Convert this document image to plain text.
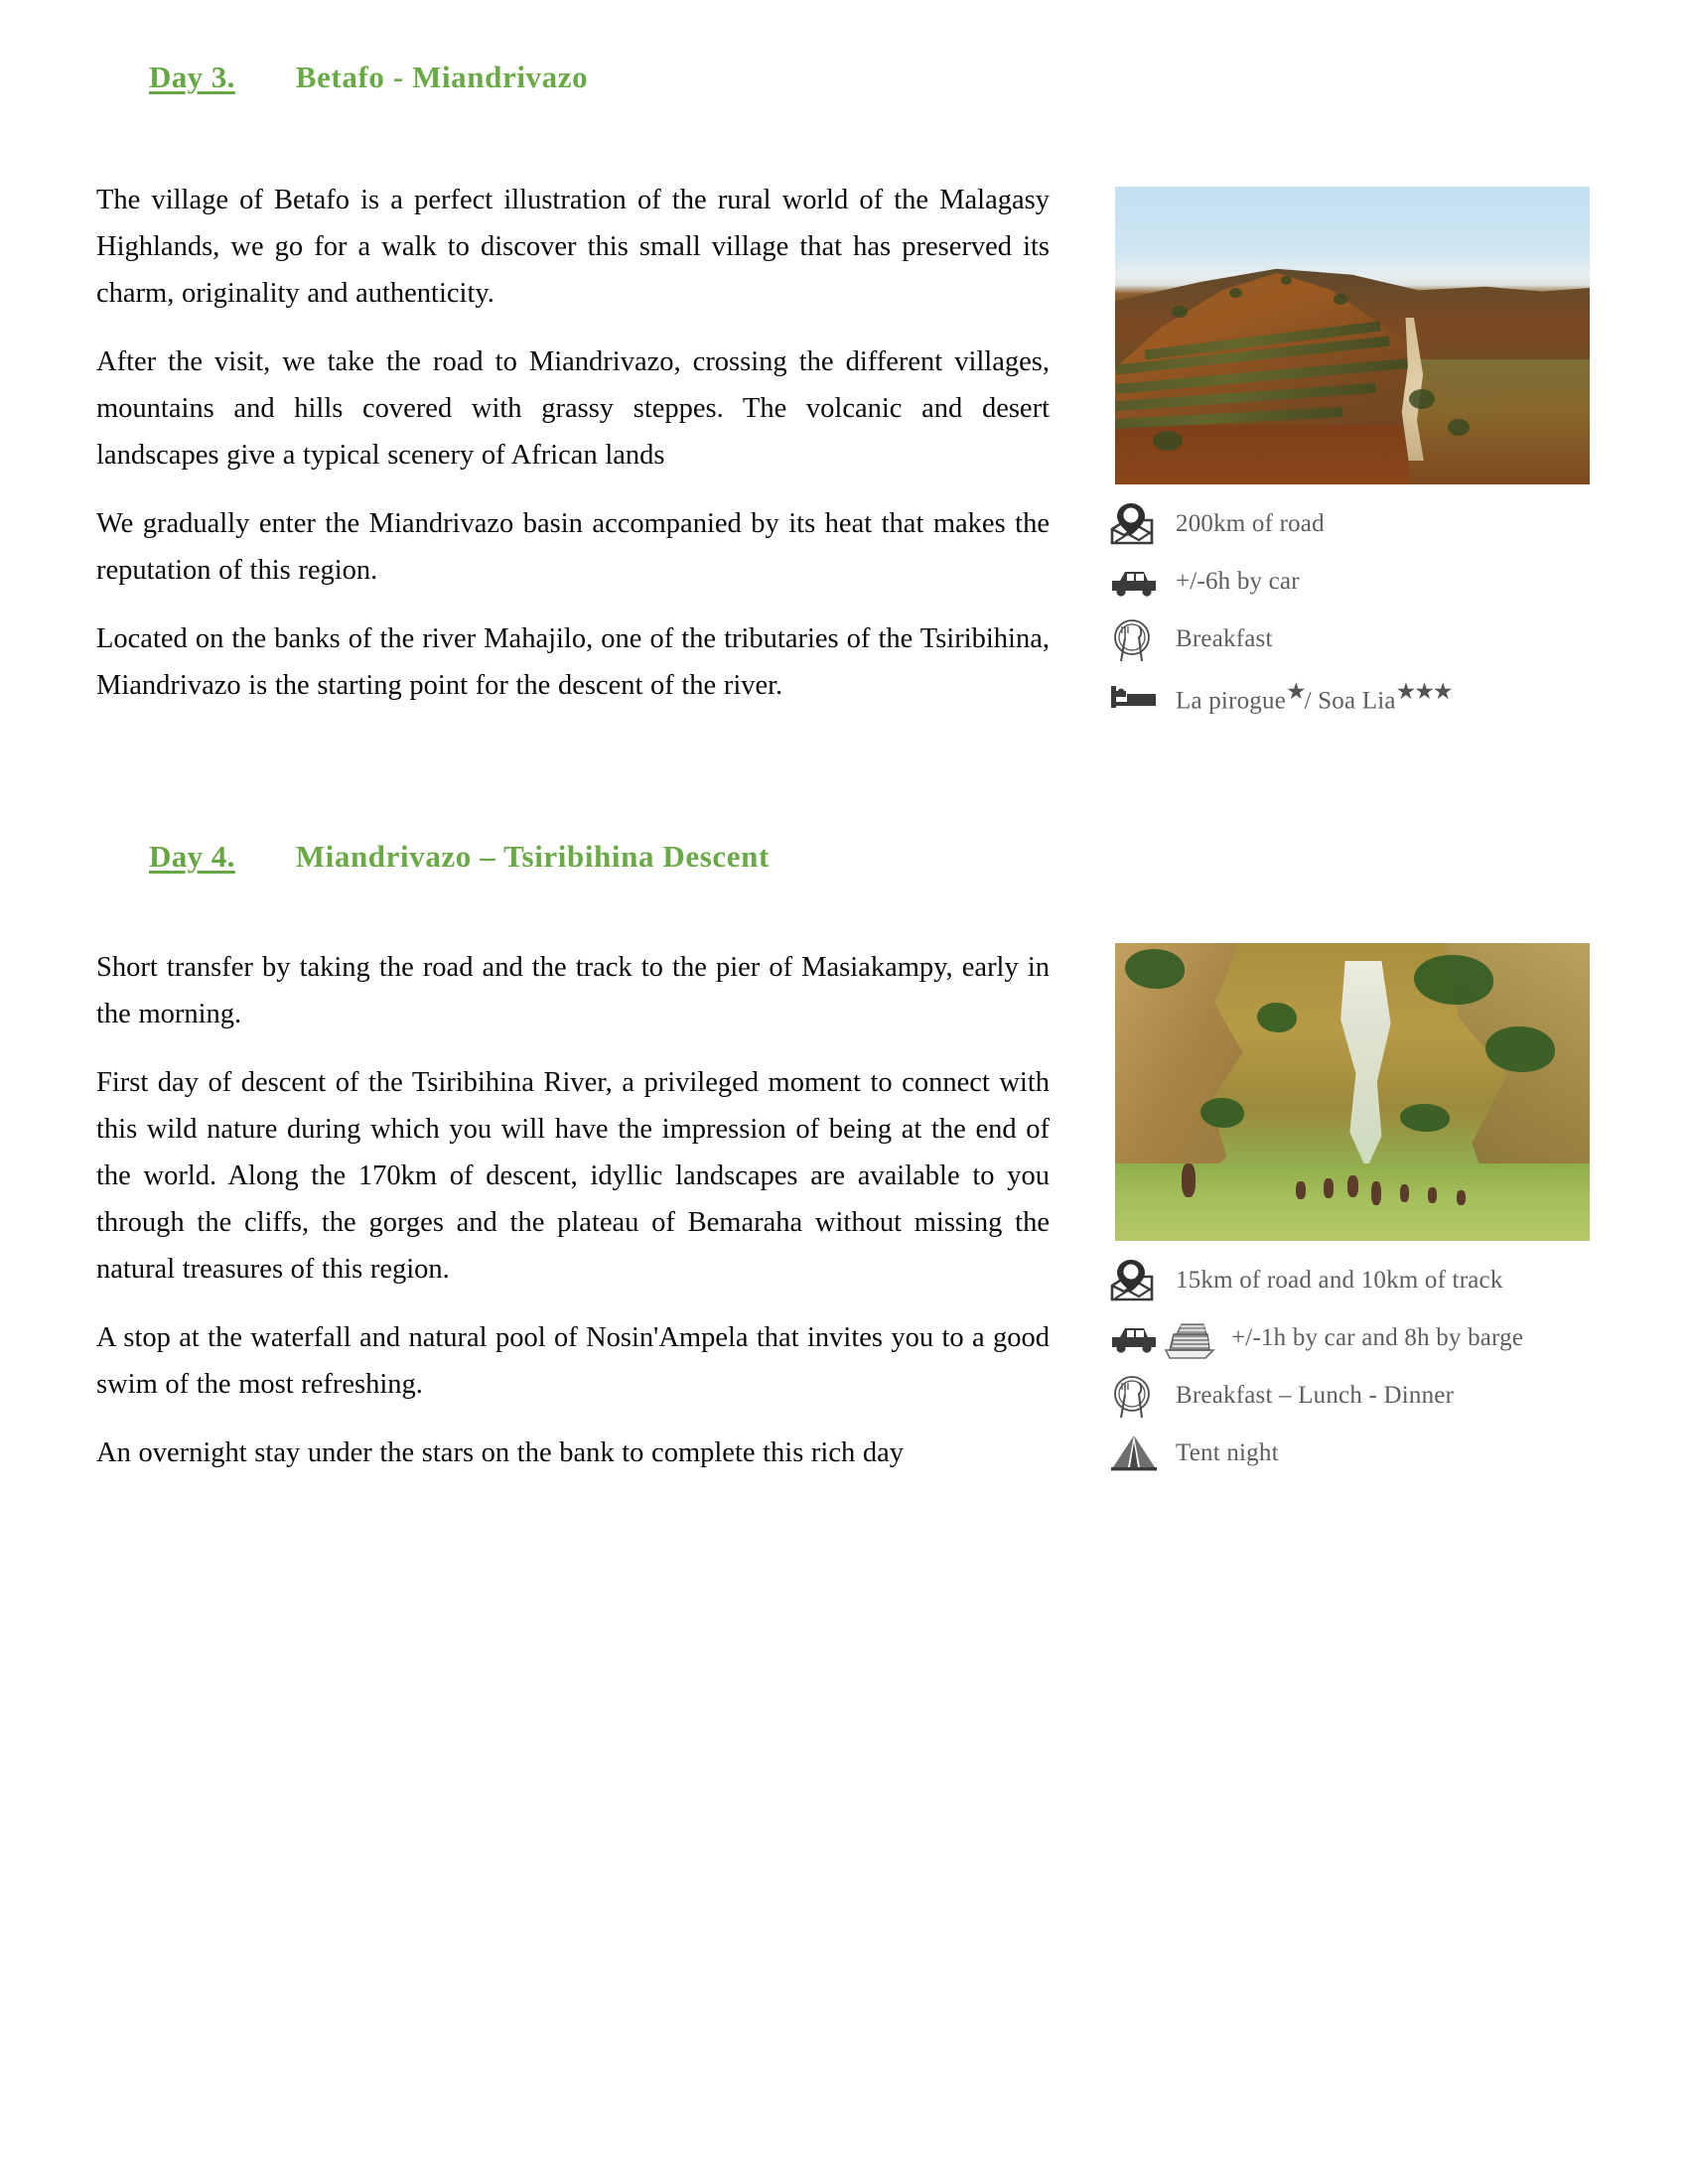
Day 3. Betafo - Miandrivazo

The village of Betafo is a perfect illustration of the rural world of the Malagasy Highlands, we go for a walk to discover this small village that has preserved its charm, originality and authenticity.

After the visit, we take the road to Miandrivazo, crossing the different villages, mountains and hills covered with grassy steppes. The volcanic and desert landscapes give a typical scenery of African lands

We gradually enter the Miandrivazo basin accompanied by its heat that makes the reputation of this region.

Located on the banks of the river Mahajilo, one of the tributaries of the Tsiribihina, Miandrivazo is the starting point for the descent of the river.

200km of road
+/-6h by car
Breakfast
La pirogue★/ Soa Lia★★★
Day 4. Miandrivazo – Tsiribihina Descent

Short transfer by taking the road and the track to the pier of Masiakampy, early in the morning.

First day of descent of the Tsiribihina River, a privileged moment to connect with this wild nature during which you will have the impression of being at the end of the world. Along the 170km of descent, idyllic landscapes are available to you through the cliffs, the gorges and the plateau of Bemaraha without missing the natural treasures of this region.

A stop at the waterfall and natural pool of Nosin'Ampela that invites you to a good swim of the most refreshing.

An overnight stay under the stars on the bank to complete this rich day

15km of road and 10km of track
+/-1h by car and 8h by barge
Breakfast – Lunch - Dinner
Tent night
